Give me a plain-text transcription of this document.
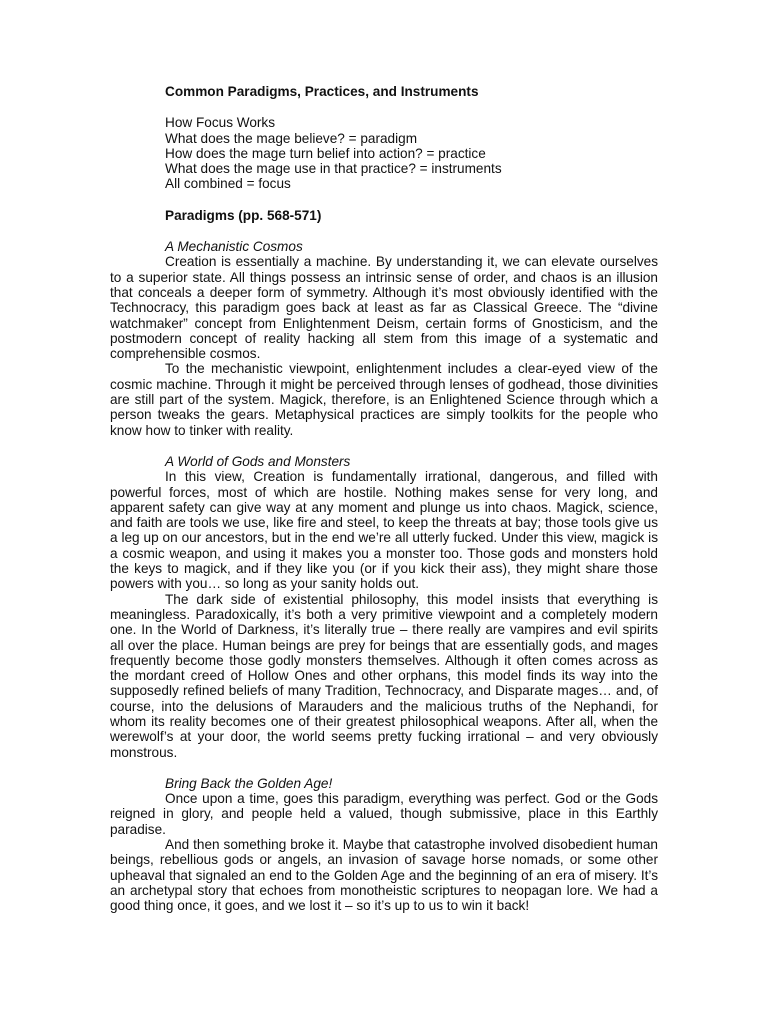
Common Paradigms, Practices, and Instruments
How Focus Works
What does the mage believe? = paradigm
How does the mage turn belief into action? = practice
What does the mage use in that practice? = instruments
All combined = focus
Paradigms (pp. 568-571)
A Mechanistic Cosmos

Creation is essentially a machine. By understanding it, we can elevate ourselves to a superior state. All things possess an intrinsic sense of order, and chaos is an illusion that conceals a deeper form of symmetry. Although it’s most obviously identified with the Technocracy, this paradigm goes back at least as far as Classical Greece. The “divine watchmaker” concept from Enlightenment Deism, certain forms of Gnosticism, and the postmodern concept of reality hacking all stem from this image of a systematic and comprehensible cosmos.

To the mechanistic viewpoint, enlightenment includes a clear-eyed view of the cosmic machine. Through it might be perceived through lenses of godhead, those divinities are still part of the system. Magick, therefore, is an Enlightened Science through which a person tweaks the gears. Metaphysical practices are simply toolkits for the people who know how to tinker with reality.

A World of Gods and Monsters

In this view, Creation is fundamentally irrational, dangerous, and filled with powerful forces, most of which are hostile. Nothing makes sense for very long, and apparent safety can give way at any moment and plunge us into chaos. Magick, science, and faith are tools we use, like fire and steel, to keep the threats at bay; those tools give us a leg up on our ancestors, but in the end we’re all utterly fucked. Under this view, magick is a cosmic weapon, and using it makes you a monster too. Those gods and monsters hold the keys to magick, and if they like you (or if you kick their ass), they might share those powers with you… so long as your sanity holds out.

The dark side of existential philosophy, this model insists that everything is meaningless. Paradoxically, it’s both a very primitive viewpoint and a completely modern one. In the World of Darkness, it’s literally true – there really are vampires and evil spirits all over the place. Human beings are prey for beings that are essentially gods, and mages frequently become those godly monsters themselves. Although it often comes across as the mordant creed of Hollow Ones and other orphans, this model finds its way into the supposedly refined beliefs of many Tradition, Technocracy, and Disparate mages… and, of course, into the delusions of Marauders and the malicious truths of the Nephandi, for whom its reality becomes one of their greatest philosophical weapons. After all, when the werewolf’s at your door, the world seems pretty fucking irrational – and very obviously monstrous.

Bring Back the Golden Age!

Once upon a time, goes this paradigm, everything was perfect. God or the Gods reigned in glory, and people held a valued, though submissive, place in this Earthly paradise.

And then something broke it. Maybe that catastrophe involved disobedient human beings, rebellious gods or angels, an invasion of savage horse nomads, or some other upheaval that signaled an end to the Golden Age and the beginning of an era of misery. It’s an archetypal story that echoes from monotheistic scriptures to neopagan lore. We had a good thing once, it goes, and we lost it – so it’s up to us to win it back!
